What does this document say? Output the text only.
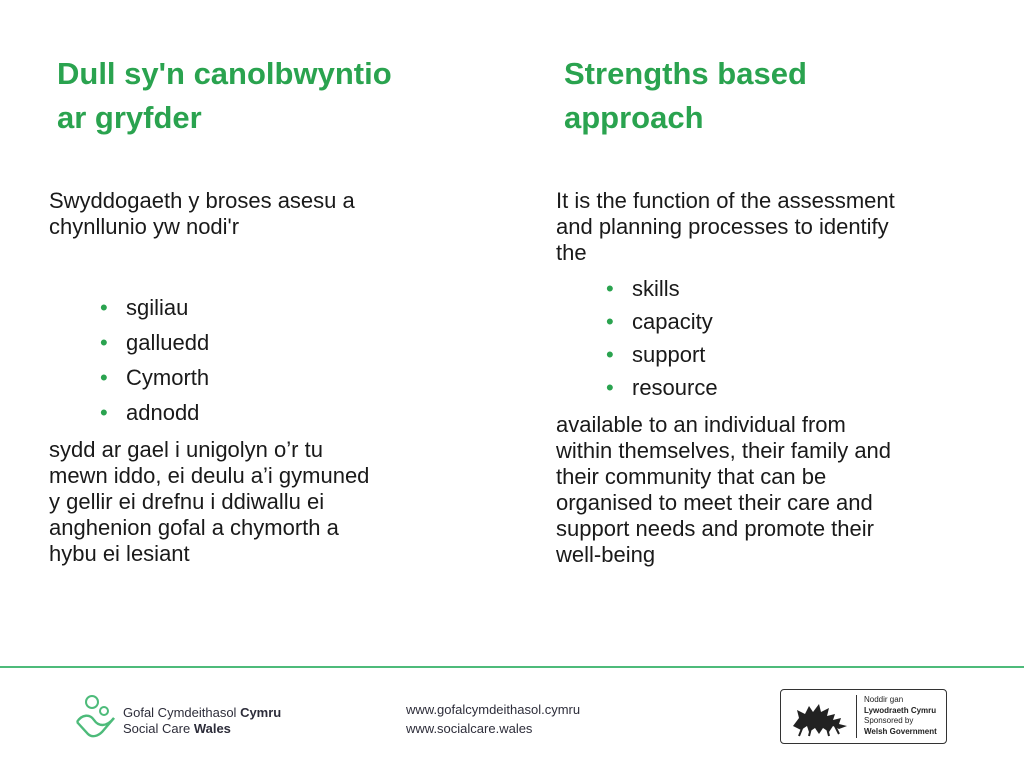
Dull sy'n canolbwyntio
ar gryfder
Strengths based
approach
Swyddogaeth y broses asesu a
chynllunio yw nodi'r
• sgiliau
• galluedd
• Cymorth
• adnodd
sydd ar gael i unigolyn o’r tu
mewn iddo, ei deulu a’i gymuned
y gellir ei drefnu i ddiwallu ei
anghenion gofal a chymorth a
hybu ei lesiant
It is the function of the assessment
and planning processes to identify
the
• skills
• capacity
• support
• resource
available to an individual from
within themselves, their family and
their community that can be
organised to meet their care and
support needs and promote their
well-being
Gofal Cymdeithasol Cymru
Social Care Wales
www.gofalcymdeithasol.cymru
www.socialcare.wales
Noddir gan
Lywodraeth Cymru
Sponsored by
Welsh Government
